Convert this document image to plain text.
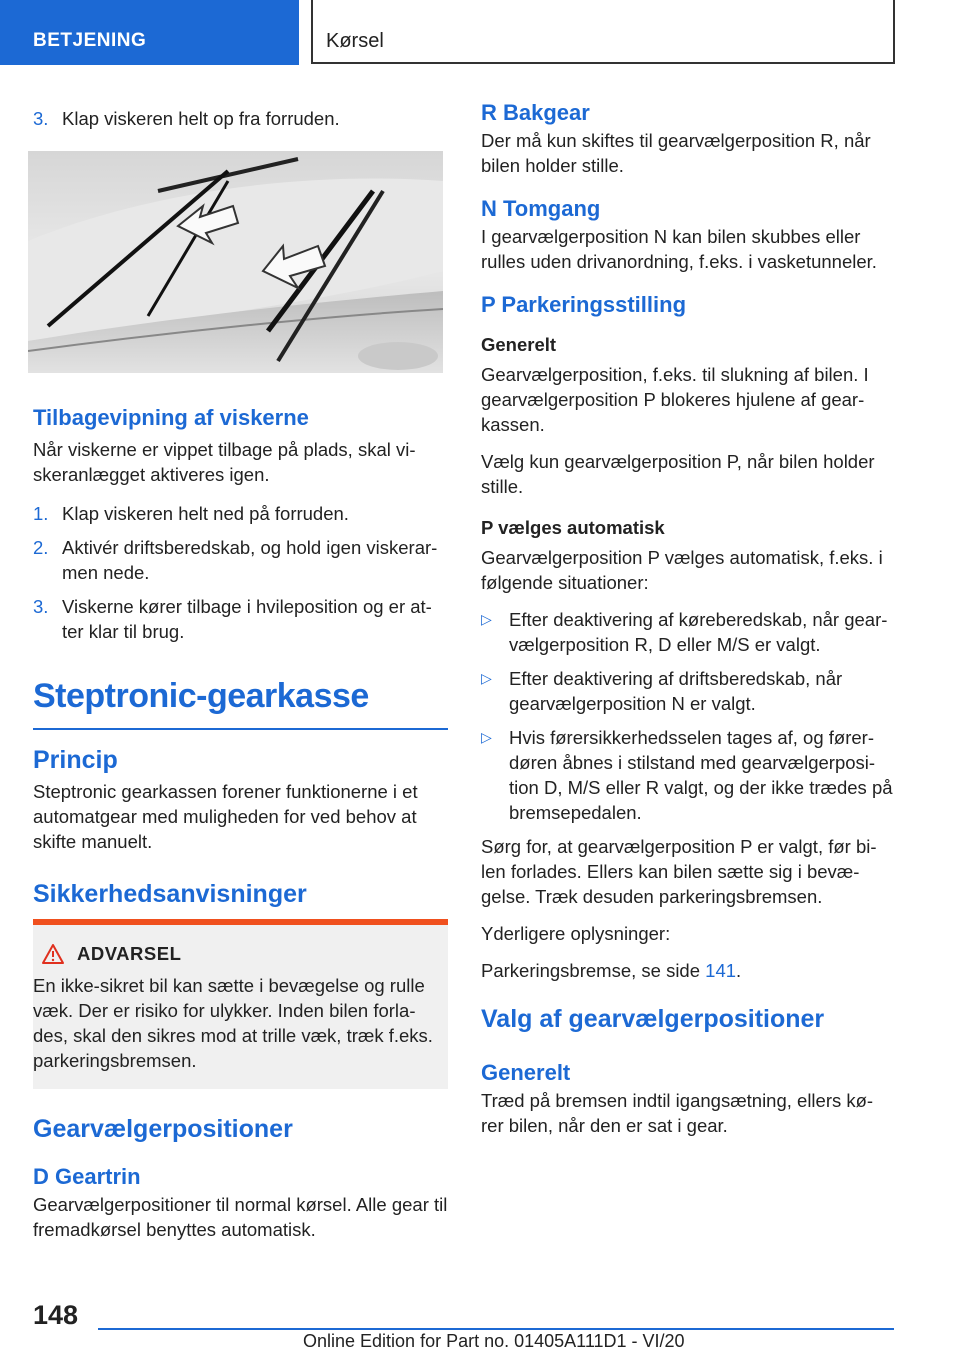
BETJENING	Kørsel
3. Klap viskeren helt op fra forruden.
Tilbagevipning af viskerne

Når viskerne er vippet tilbage på plads, skal vi-skeranlægget aktiveres igen.

1. Klap viskeren helt ned på forruden.
2. Aktivér driftsberedskab, og hold igen viskerar-men nede.
3. Viskerne kører tilbage i hvileposition og er at-ter klar til brug.
Steptronic-gearkasse
Princip

Steptronic gearkassen forener funktionerne i et automatgear med muligheden for ved behov at skifte manuelt.

Sikkerhedsanvisninger
ADVARSEL

En ikke-sikret bil kan sætte i bevægelse og rulle væk. Der er risiko for ulykker. Inden bilen forla-des, skal den sikres mod at trille væk, træk f.eks. parkeringsbremsen.

Gearvælgerpositioner
D Geartrin

Gearvælgerpositioner til normal kørsel. Alle gear til fremadkørsel benyttes automatisk.

R Bakgear

Der må kun skiftes til gearvælgerposition R, når bilen holder stille.

N Tomgang

I gearvælgerposition N kan bilen skubbes eller rulles uden drivanordning, f.eks. i vasketunneler.

P Parkeringsstilling
Generelt

Gearvælgerposition, f.eks. til slukning af bilen. I gearvælgerposition P blokeres hjulene af gear-kassen.

Vælg kun gearvælgerposition P, når bilen holder stille.

P vælges automatisk

Gearvælgerposition P vælges automatisk, f.eks. i følgende situationer:

▷ Efter deaktivering af køreberedskab, når gear-vælgerposition R, D eller M/S er valgt.
▷ Efter deaktivering af driftsberedskab, når gearvælgerposition N er valgt.
▷ Hvis førersikkerhedsselen tages af, og fører-døren åbnes i stilstand med gearvælgerposi-tion D, M/S eller R valgt, og der ikke trædes på bremsepedalen.

Sørg for, at gearvælgerposition P er valgt, før bi-len forlades. Ellers kan bilen sætte sig i bevæ-gelse. Træk desuden parkeringsbremsen.

Yderligere oplysninger:

Parkeringsbremse, se side 141.

Valg af gearvælgerpositioner
Generelt

Træd på bremsen indtil igangsætning, ellers kø-rer bilen, når den er sat i gear.

148
Online Edition for Part no. 01405A111D1 - VI/20
